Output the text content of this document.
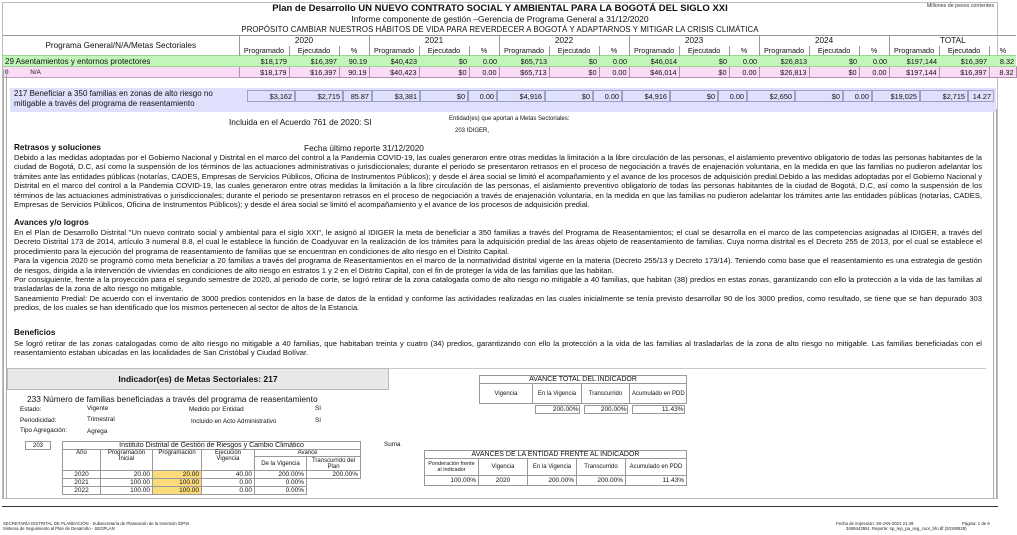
Plan de Desarrollo UN NUEVO CONTRATO SOCIAL Y AMBIENTAL PARA LA BOGOTÁ DEL SIGLO XXI
Informe componente de gestión –Gerencia de Programa General a 31/12/2020
PROPÓSITO CAMBIAR NUESTROS HÁBITOS DE VIDA PARA REVERDECER A BOGOTÁ Y ADAPTARNOS Y MITIGAR LA CRISIS CLIMÁTICA
Millones de pesos corrientes
Programa General/N/A/Metas Sectoriales	2020			2021			2022			2023			2024			TOTAL		
	Programado	Ejecutado	%	Programado	Ejecutado	%	Programado	Ejecutado	%	Programado	Ejecutado	%	Programado	Ejecutado	%	Programado	Ejecutado	%
29 Asentamientos y entornos protectores	$18,179	$16,397	90.19	$40,423	$0	0.00	$65,713	$0	0.00	$46,014	$0	0.00	$26,813	$0	0.00	$197,144	$16,397	8.32
0 N/A	$18,179	$16,397	90.19	$40,423	$0	0.00	$65,713	$0	0.00	$46,014	$0	0.00	$26,813	$0	0.00	$197,144	$16,397	8.32
217 Beneficiar a 350 familias en zonas de alto riesgo no mitigable a través del programa de reasentamiento
$3,162	$2,715	85.87	$3,381	$0	0.00	$4,916	$0	0.00	$4,916	$0	0.00	$2,650	$0	0.00	$19,025	$2,715	14.27
Incluida en el Acuerdo 761 de 2020: SI	Entidad(es) que aportan a Metas Sectoriales:
203 IDIGER,
Retrasos y soluciones	Fecha último reporte 31/12/2020
Debido a las medidas adoptadas por el Gobierno Nacional y Distrital en el marco del control a la Pandemia COVID-19, las cuales generaron entre otras medidas la limitación a la libre circulación de las personas, el aislamiento preventivo obligatorio de todas las personas habitantes de la ciudad de Bogotá, D.C, así como la suspensión de los términos de las actuaciones administrativas o jurisdiccionales; durante el periodo se presentaron retrasos en el proceso de negociación a través de enajenación voluntaria, en la medida en que las familias no pudieron adelantar los trámites ante las entidades públicas (notarías, CADES, Empresas de Servicios Públicos, Oficina de Instrumentos Públicos); y desde el área social se limitó el acompañamiento y el avance de los procesos de adquisición predial.Debido a las medidas adoptadas por el Gobierno Nacional y Distrital en el marco del control a la Pandemia COVID-19, las cuales generaron entre otras medidas la limitación a la libre circulación de las personas, el aislamiento preventivo obligatorio de todas las personas habitantes de la ciudad de Bogotá, D.C, así como la suspensión de los términos de las actuaciones administrativas o jurisdiccionales; durante el periodo se presentaron retrasos en el proceso de negociación a través de enajenación voluntaria, en la medida en que las familias no pudieron adelantar los trámites ante las entidades públicas (notarías, CADES, Empresas de Servicios Públicos, Oficina de Instrumentos Públicos); y desde el área social se limitó el acompañamiento y el avance de los procesos de adquisición predial.
Avances y/o logros
En el Plan de Desarrollo Distrital "Un nuevo contrato social y ambiental para el siglo XXI", le asignó al IDIGER la meta de beneficiar a 350 familias a través del Programa de Reasentamientos; el cual se desarrolla en el marco de las competencias asignadas al IDIGER, a través del Decreto Distrital 173 de 2014, artículo 3 numeral 8.8, el cual le establece la función de Coadyuvar en la realización de los trámites para la adquisición predial de las áreas objeto de reasentamiento de familias. Cuya norma distrital es el Decreto 255 de 2013, por el cual se establece el procedimiento para la ejecución del programa de reasentamiento de familias que se encuentran en condiciones de alto riesgo en el Distrito Capital.
Para la vigencia 2020 se programó como meta beneficiar a 20 familias a través del programa de Reasentamientos en el marco de la normatividad distrital vigente en la materia (Decreto 255/13 y Decreto 173/14). Teniendo como base que el reasentamiento es una estrategia de gestión de riesgos, dirigida a la intervención de viviendas en condiciones de alto riesgo en estratos 1 y 2 en el Distrito Capital, con el fin de proteger la vida de las familias que las habitan.
Por consiguiente, frente a la proyección para el segundo semestre de 2020, al periodo de corte, se logró retirar de la zona catalogada como de alto riesgo no mitigable a 40 familias, que habitan (38) predios en estas zonas, garantizando con ello la protección a la vida de las familias al trasladarlas de la zona de alto riesgo no mitigable.
Saneamiento Predial: De acuerdo con el inventario de 3000 predios contenidos en la base de datos de la entidad y conforme las actividades realizadas en las cuales inicialmente se tenía previsto desarrollar 90 de los 3000 predios, como resultado, se tiene que se han depurado 303 predios, de los cuales se han identificado que los mismos pertenecen al sector de altos de la Estancia.
Beneficios
Se logró retirar de las zonas catalogadas como de alto riesgo no mitigable a 40 familias, que habitaban treinta y cuatro (34) predios, garantizando con ello la protección a la vida de las familias al trasladarlas de la zona de alto riesgo no mitigable. Las familias beneficiadas con el reasentamiento estaban ubicadas en las localidades de San Cristóbal y Ciudad Bolívar.
Indicador(es) de Metas Sectoriales: 217
233 Número de familias beneficiadas a través del programa de reasentamiento
Estado:	Vigente
Periodicidad:	Trimestral
Tipo Agregación:	Agrega
Medido por Entidad	SI
Incluido en Acto Administrativo	SI
Suma
AVANCE TOTAL DEL INDICADOR			
Vigencia	En la Vigencia	Transcurrido	Acumulado en PDD

	200.00%	200.00%	11.43%
203	Instituto Distrital de Gestión de Riesgos y Cambio Climático					
Año	Programación Inicial	Programación	Ejecución Vigencia	Avance	
				De la Vigencia	Transcurrido del Plan
2020	20.00	20.00	40.00	200.00%	200.00%
2021	100.00	100.00	0.00	0.00%	
2022	100.00	100.00	0.00	0.00%	
AVANCES DE LA ENTIDAD FRENTE AL INDICADOR				
Ponderación frente al indicador	Vigencia	En la Vigencia	Transcurrido	Acumulado en PDD
100.00%	2020	200.00%	200.00%	11.43%
SECRETARÍA DISTRITAL DE PLANEACIÓN - Subsecretaría de Planeación de la Inversión /DPSI
Sistema de Seguimiento al Plan de Desarrollo - SEGPLAN
Fecha de impresión: 28-JAN-2021 21:49	Página: 1 de 6
3489443551 Reporte: sp_rep_pa_seg_coor_bh.rdf (20190829)
